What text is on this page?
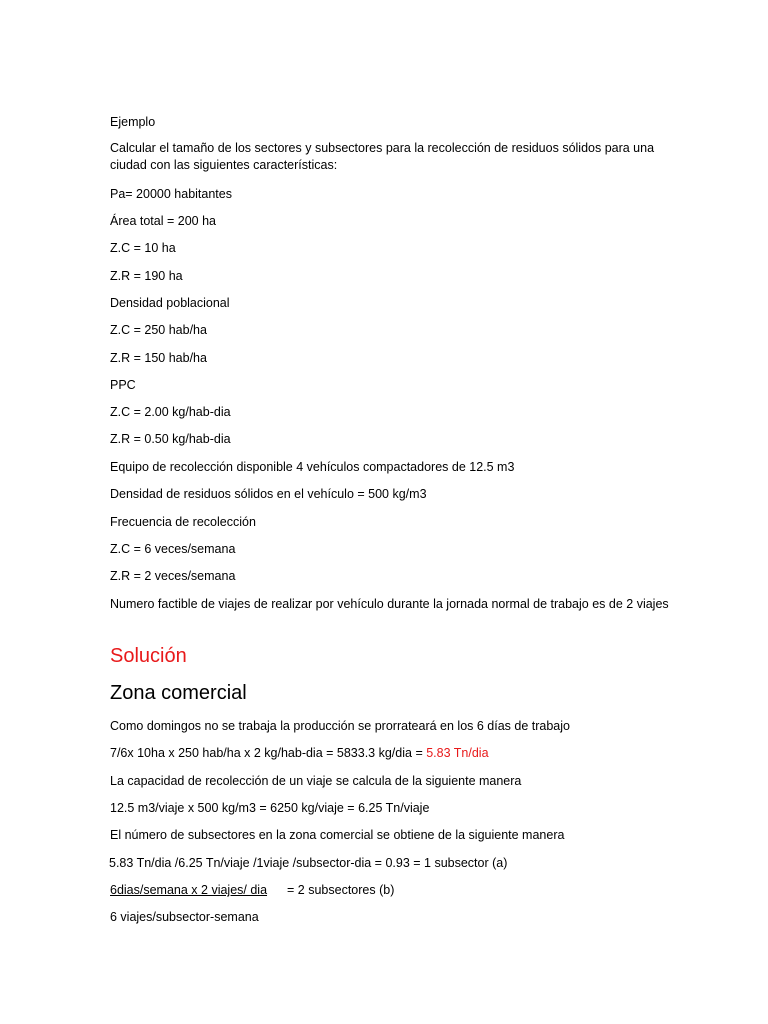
Ejemplo
Calcular el tamaño de los sectores y subsectores para la recolección de residuos sólidos para una ciudad con las siguientes características:
Pa= 20000 habitantes
Área total = 200 ha
Z.C = 10 ha
Z.R = 190 ha
Densidad poblacional
Z.C = 250 hab/ha
Z.R = 150 hab/ha
PPC
Z.C = 2.00 kg/hab-dia
Z.R = 0.50 kg/hab-dia
Equipo de recolección disponible 4 vehículos compactadores de 12.5 m3
Densidad de residuos sólidos en el vehículo = 500 kg/m3
Frecuencia de recolección
Z.C = 6 veces/semana
Z.R = 2 veces/semana
Numero factible de viajes de realizar por vehículo durante la jornada normal de trabajo es de 2 viajes
Solución
Zona comercial
Como domingos no se trabaja la producción se prorrateará en los 6 días de trabajo
7/6x 10ha x 250 hab/ha x 2 kg/hab-dia = 5833.3 kg/dia = 5.83 Tn/dia
La capacidad de recolección de un viaje se calcula de la siguiente manera
12.5 m3/viaje x 500 kg/m3 = 6250 kg/viaje = 6.25 Tn/viaje
El número de subsectores en la zona comercial se obtiene de la siguiente manera
5.83 Tn/dia /6.25 Tn/viaje /1viaje /subsector-dia = 0.93 = 1 subsector (a)
6dias/semana x 2 viajes/ dia = 2 subsectores (b)
6 viajes/subsector-semana
